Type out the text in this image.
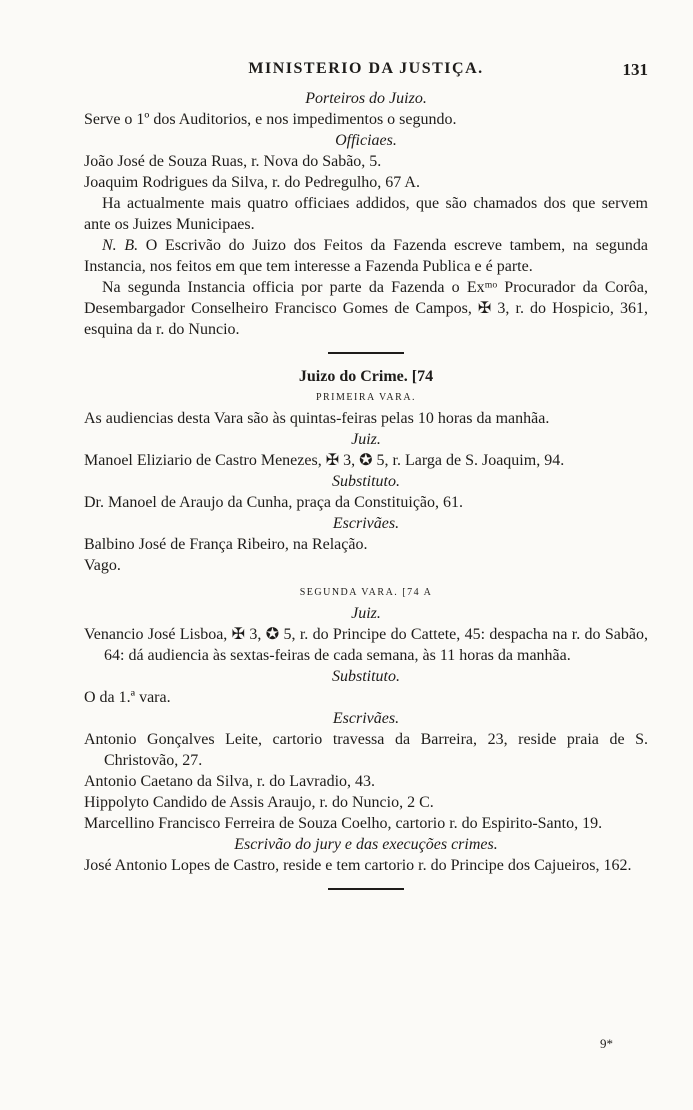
MINISTERIO DA JUSTIÇA.	131

Porteiros do Juizo.

Serve o 1º dos Auditorios, e nos impedimentos o segundo.

Officiaes.

João José de Souza Ruas, r. Nova do Sabão, 5.

Joaquim Rodrigues da Silva, r. do Pedregulho, 67 A.

Ha actualmente mais quatro officiaes addidos, que são chamados dos que servem ante os Juizes Municipaes.

N. B. O Escrivão do Juizo dos Feitos da Fazenda escreve tambem, na segunda Instancia, nos feitos em que tem interesse a Fazenda Publica e é parte.

Na segunda Instancia officia por parte da Fazenda o Exᵐᵒ Procurador da Corôa, Desembargador Conselheiro Francisco Gomes de Campos, ✠ 3, r. do Hospicio, 361, esquina da r. do Nuncio.

Juizo do Crime. [74

PRIMEIRA VARA.

As audiencias desta Vara são às quintas-feiras pelas 10 horas da manhãa.

Juiz.

Manoel Eliziario de Castro Menezes, ✠ 3, ✪ 5, r. Larga de S. Joaquim, 94.

Substituto.

Dr. Manoel de Araujo da Cunha, praça da Constituição, 61.

Escrivães.

Balbino José de França Ribeiro, na Relação.

Vago.

SEGUNDA VARA. [74 A

Juiz.

Venancio José Lisboa, ✠ 3, ✪ 5, r. do Principe do Cattete, 45: despacha na r. do Sabão, 64: dá audiencia às sextas-feiras de cada semana, às 11 horas da manhãa.

Substituto.

O da 1.ª vara.

Escrivães.

Antonio Gonçalves Leite, cartorio travessa da Barreira, 23, reside praia de S. Christovão, 27.

Antonio Caetano da Silva, r. do Lavradio, 43.

Hippolyto Candido de Assis Araujo, r. do Nuncio, 2 C.

Marcellino Francisco Ferreira de Souza Coelho, cartorio r. do Espirito-Santo, 19.

Escrivão do jury e das execuções crimes.

José Antonio Lopes de Castro, reside e tem cartorio r. do Principe dos Cajueiros, 162.

9*
